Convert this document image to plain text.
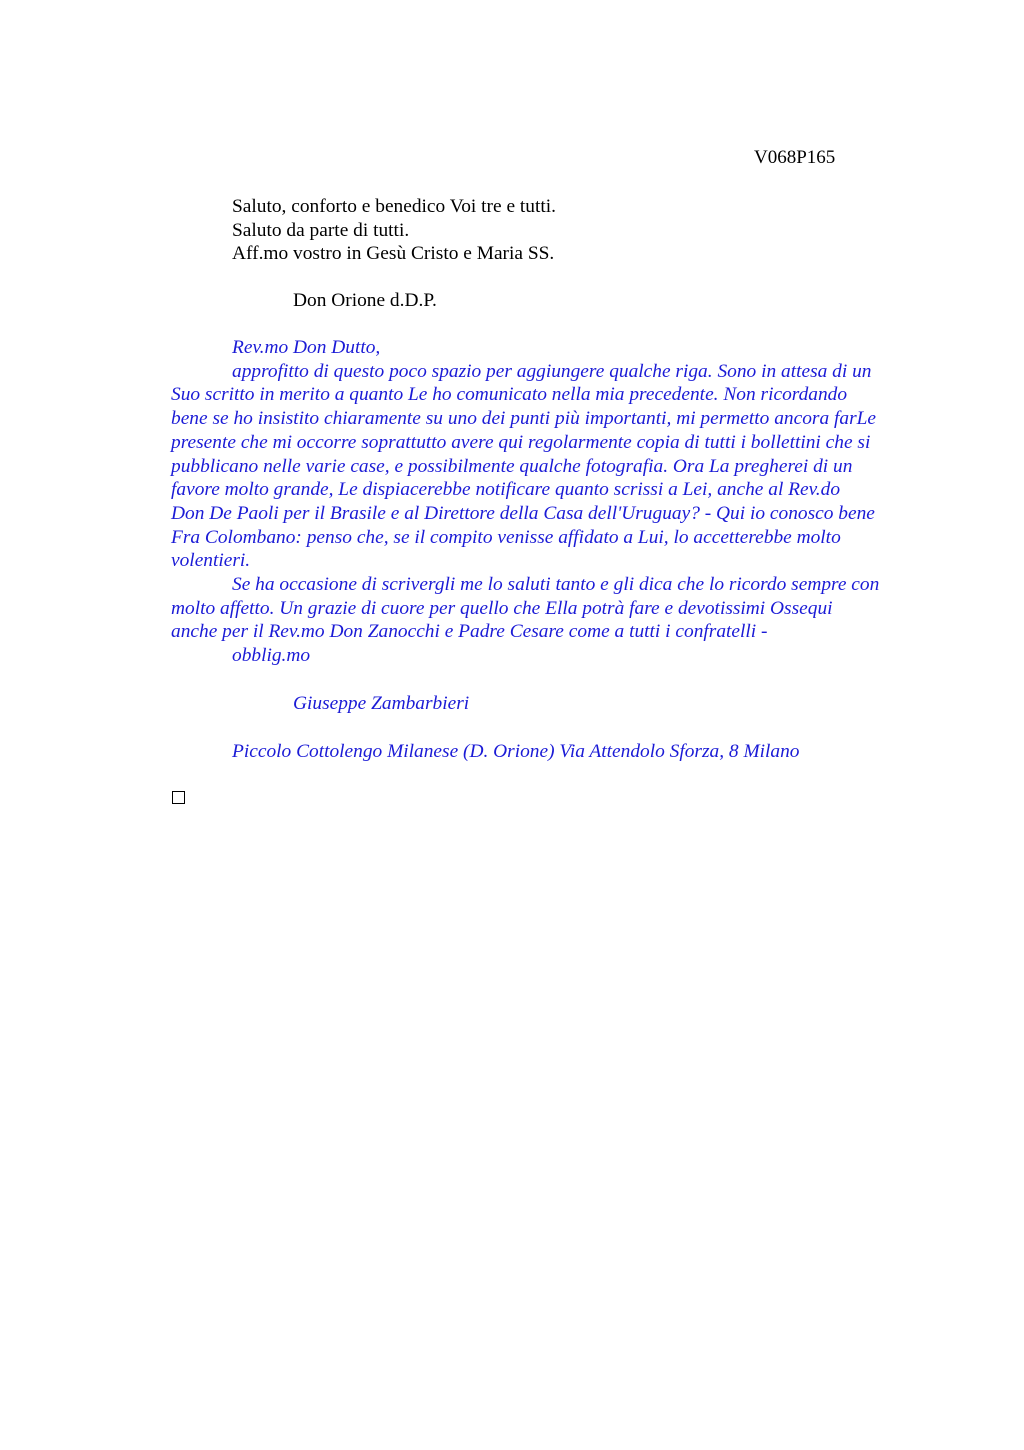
V068P165
Saluto, conforto e benedico Voi tre e tutti.
Saluto da parte di tutti.
Aff.mo vostro in Gesù Cristo e Maria SS.
Don Orione d.D.P.
Rev.mo Don Dutto,
approfitto di questo poco spazio per aggiungere qualche riga. Sono in attesa di un
Suo scritto in merito a quanto Le ho comunicato nella mia precedente. Non ricordando
bene se ho insistito chiaramente su uno dei punti più importanti, mi permetto ancora farLe
presente che mi occorre soprattutto avere qui regolarmente copia di tutti i bollettini che si
pubblicano nelle varie case, e possibilmente qualche fotografia. Ora La pregherei di un
favore molto grande, Le dispiacerebbe notificare quanto scrissi a Lei, anche al Rev.do
Don De Paoli per il Brasile e al Direttore della Casa dell'Uruguay? - Qui io conosco bene
Fra Colombano: penso che, se il compito venisse affidato a Lui, lo accetterebbe molto
volentieri.
Se ha occasione di scrivergli me lo saluti tanto e gli dica che lo ricordo sempre con
molto affetto. Un grazie di cuore per quello che Ella potrà fare e devotissimi Ossequi
anche per il Rev.mo Don Zanocchi e Padre Cesare come a tutti i confratelli -
obblig.mo
Giuseppe Zambarbieri
Piccolo Cottolengo Milanese (D. Orione) Via Attendolo Sforza, 8 Milano
